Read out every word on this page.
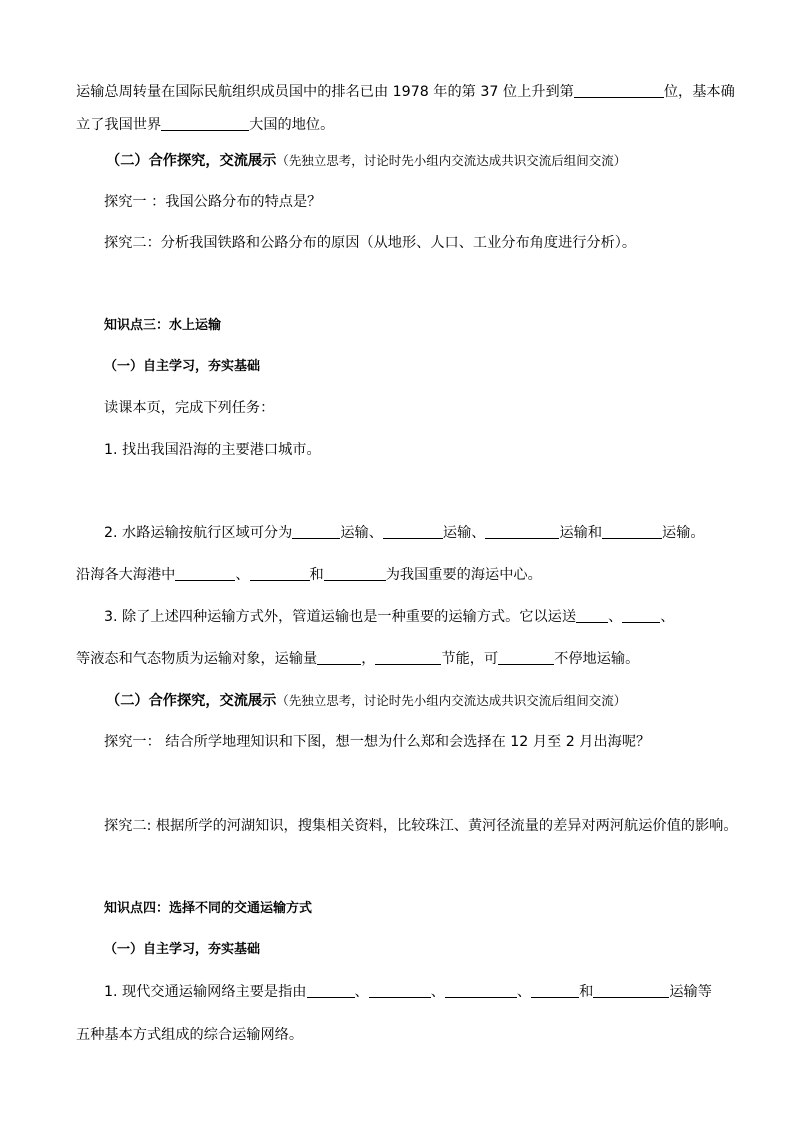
运输总周转量在国际民航组织成员国中的排名已由 1978 年的第 37 位上升到第	位，基本确
立了我国世界	大国的地位。
（二）合作探究，交流展示（先独立思考，讨论时先小组内交流达成共识交流后组间交流）
探究一 ：我国公路分布的特点是？
探究二：分析我国铁路和公路分布的原因（从地形、人口、工业分布角度进行分析）。
知识点三：水上运输
（一）自主学习，夯实基础
读课本页，完成下列任务：
1. 找出我国沿海的主要港口城市。
2. 水路运输按航行区域可分为	运输、	运输、	运输和	运输。
沿海各大海港中	、	和	为我国重要的海运中心。
3. 除了上述四种运输方式外，管道运输也是一种重要的运输方式。它以运送 、	、
等液态和气态物质为运输对象，运输量	，	节能，可	不停地运输。
（二）合作探究，交流展示（先独立思考，讨论时先小组内交流达成共识交流后组间交流）
探究一： 结合所学地理知识和下图，想一想为什么郑和会选择在 12 月至 2 月出海呢？
探究二: 根据所学的河湖知识，搜集相关资料，比较珠江、黄河径流量的差异对两河航运价值的影响。
知识点四：选择不同的交通运输方式
（一）自主学习，夯实基础
1. 现代交通运输网络主要是指由	、	、	、	和	运输等
五种基本方式组成的综合运输网络。
